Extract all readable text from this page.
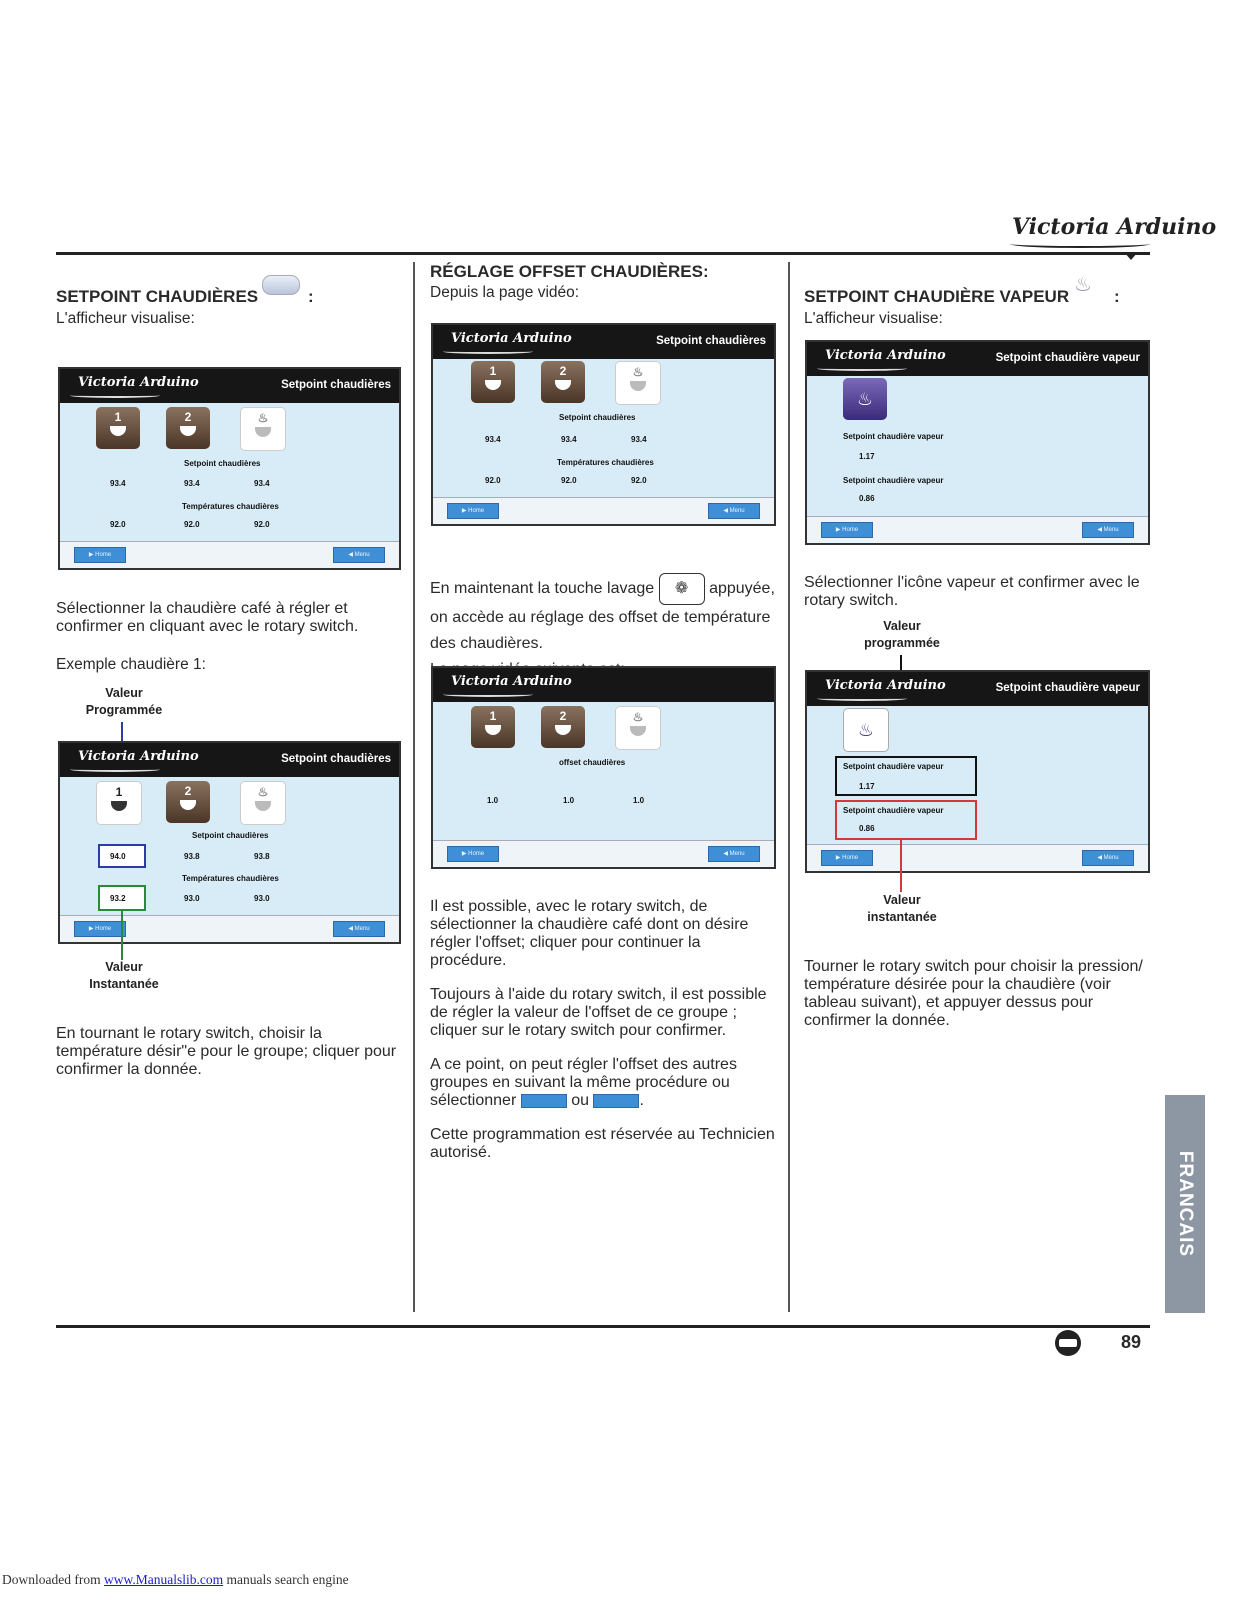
Victoria Arduino
SETPOINT CHAUDIÈRES	:

L'afficheur visualise:

Victoria Arduino	Setpoint chaudières
1	2	♨
Setpoint chaudières
93.4	93.4	93.4
Températures chaudières
92.0	92.0	92.0
▶ Home	◀ Menu

Sélectionner la chaudière café à régler et confirmer en cliquant avec le rotary switch.

Exemple chaudière 1:

Valeur
Programmée
Victoria Arduino	Setpoint chaudières
1	2	♨
Setpoint chaudières
94.0	93.8	93.8
Températures chaudières
93.2	93.0	93.0
▶ Home	◀ Menu
Valeur
Instantanée

En tournant le rotary switch, choisir la température désir"e pour le groupe; cliquer pour confirmer la donnée.

RÉGLAGE OFFSET CHAUDIÈRES:

Depuis la page vidéo:

Victoria Arduino	Setpoint chaudières
1	2	♨
Setpoint chaudières
93.4	93.4	93.4
Températures chaudières
92.0	92.0	92.0
▶ Home	◀ Menu

En maintenant la touche lavage ❁ appuyée, on accède au réglage des offset de température des chaudières.

Victoria Arduino
1	2	♨
offset chaudières
1.0	1.0	1.0
▶ Home	◀ Menu

Il est possible, avec le rotary switch, de sélectionner la chaudière café dont on désire régler l'offset; cliquer pour continuer la procédure.

Toujours à l'aide du rotary switch, il est possible de régler la valeur de l'offset de ce groupe ; cliquer sur le rotary switch pour confirmer.

A ce point, on peut régler l'offset des autres groupes en suivant la même procédure ou sélectionner	ou	.

Cette programmation est réservée au Technicien autorisé.

SETPOINT CHAUDIÈRE VAPEUR
♨
:

L'afficheur visualise:

Victoria Arduino	Setpoint chaudière vapeur
♨
Setpoint chaudière vapeur
1.17
Setpoint chaudière vapeur
0.86
▶ Home	◀ Menu

Sélectionner l'icône vapeur et confirmer avec le rotary switch.

Valeur
programmée
Victoria Arduino	Setpoint chaudière vapeur
♨
Setpoint chaudière vapeur
1.17
Setpoint chaudière vapeur
0.86
▶ Home	◀ Menu
Valeur
instantanée

Tourner le rotary switch pour choisir la pression/ température désirée pour la chaudière (voir tableau suivant), et appuyer dessus pour confirmer la donnée.

FRANCAIS
89
Downloaded from www.Manualslib.com manuals search engine
